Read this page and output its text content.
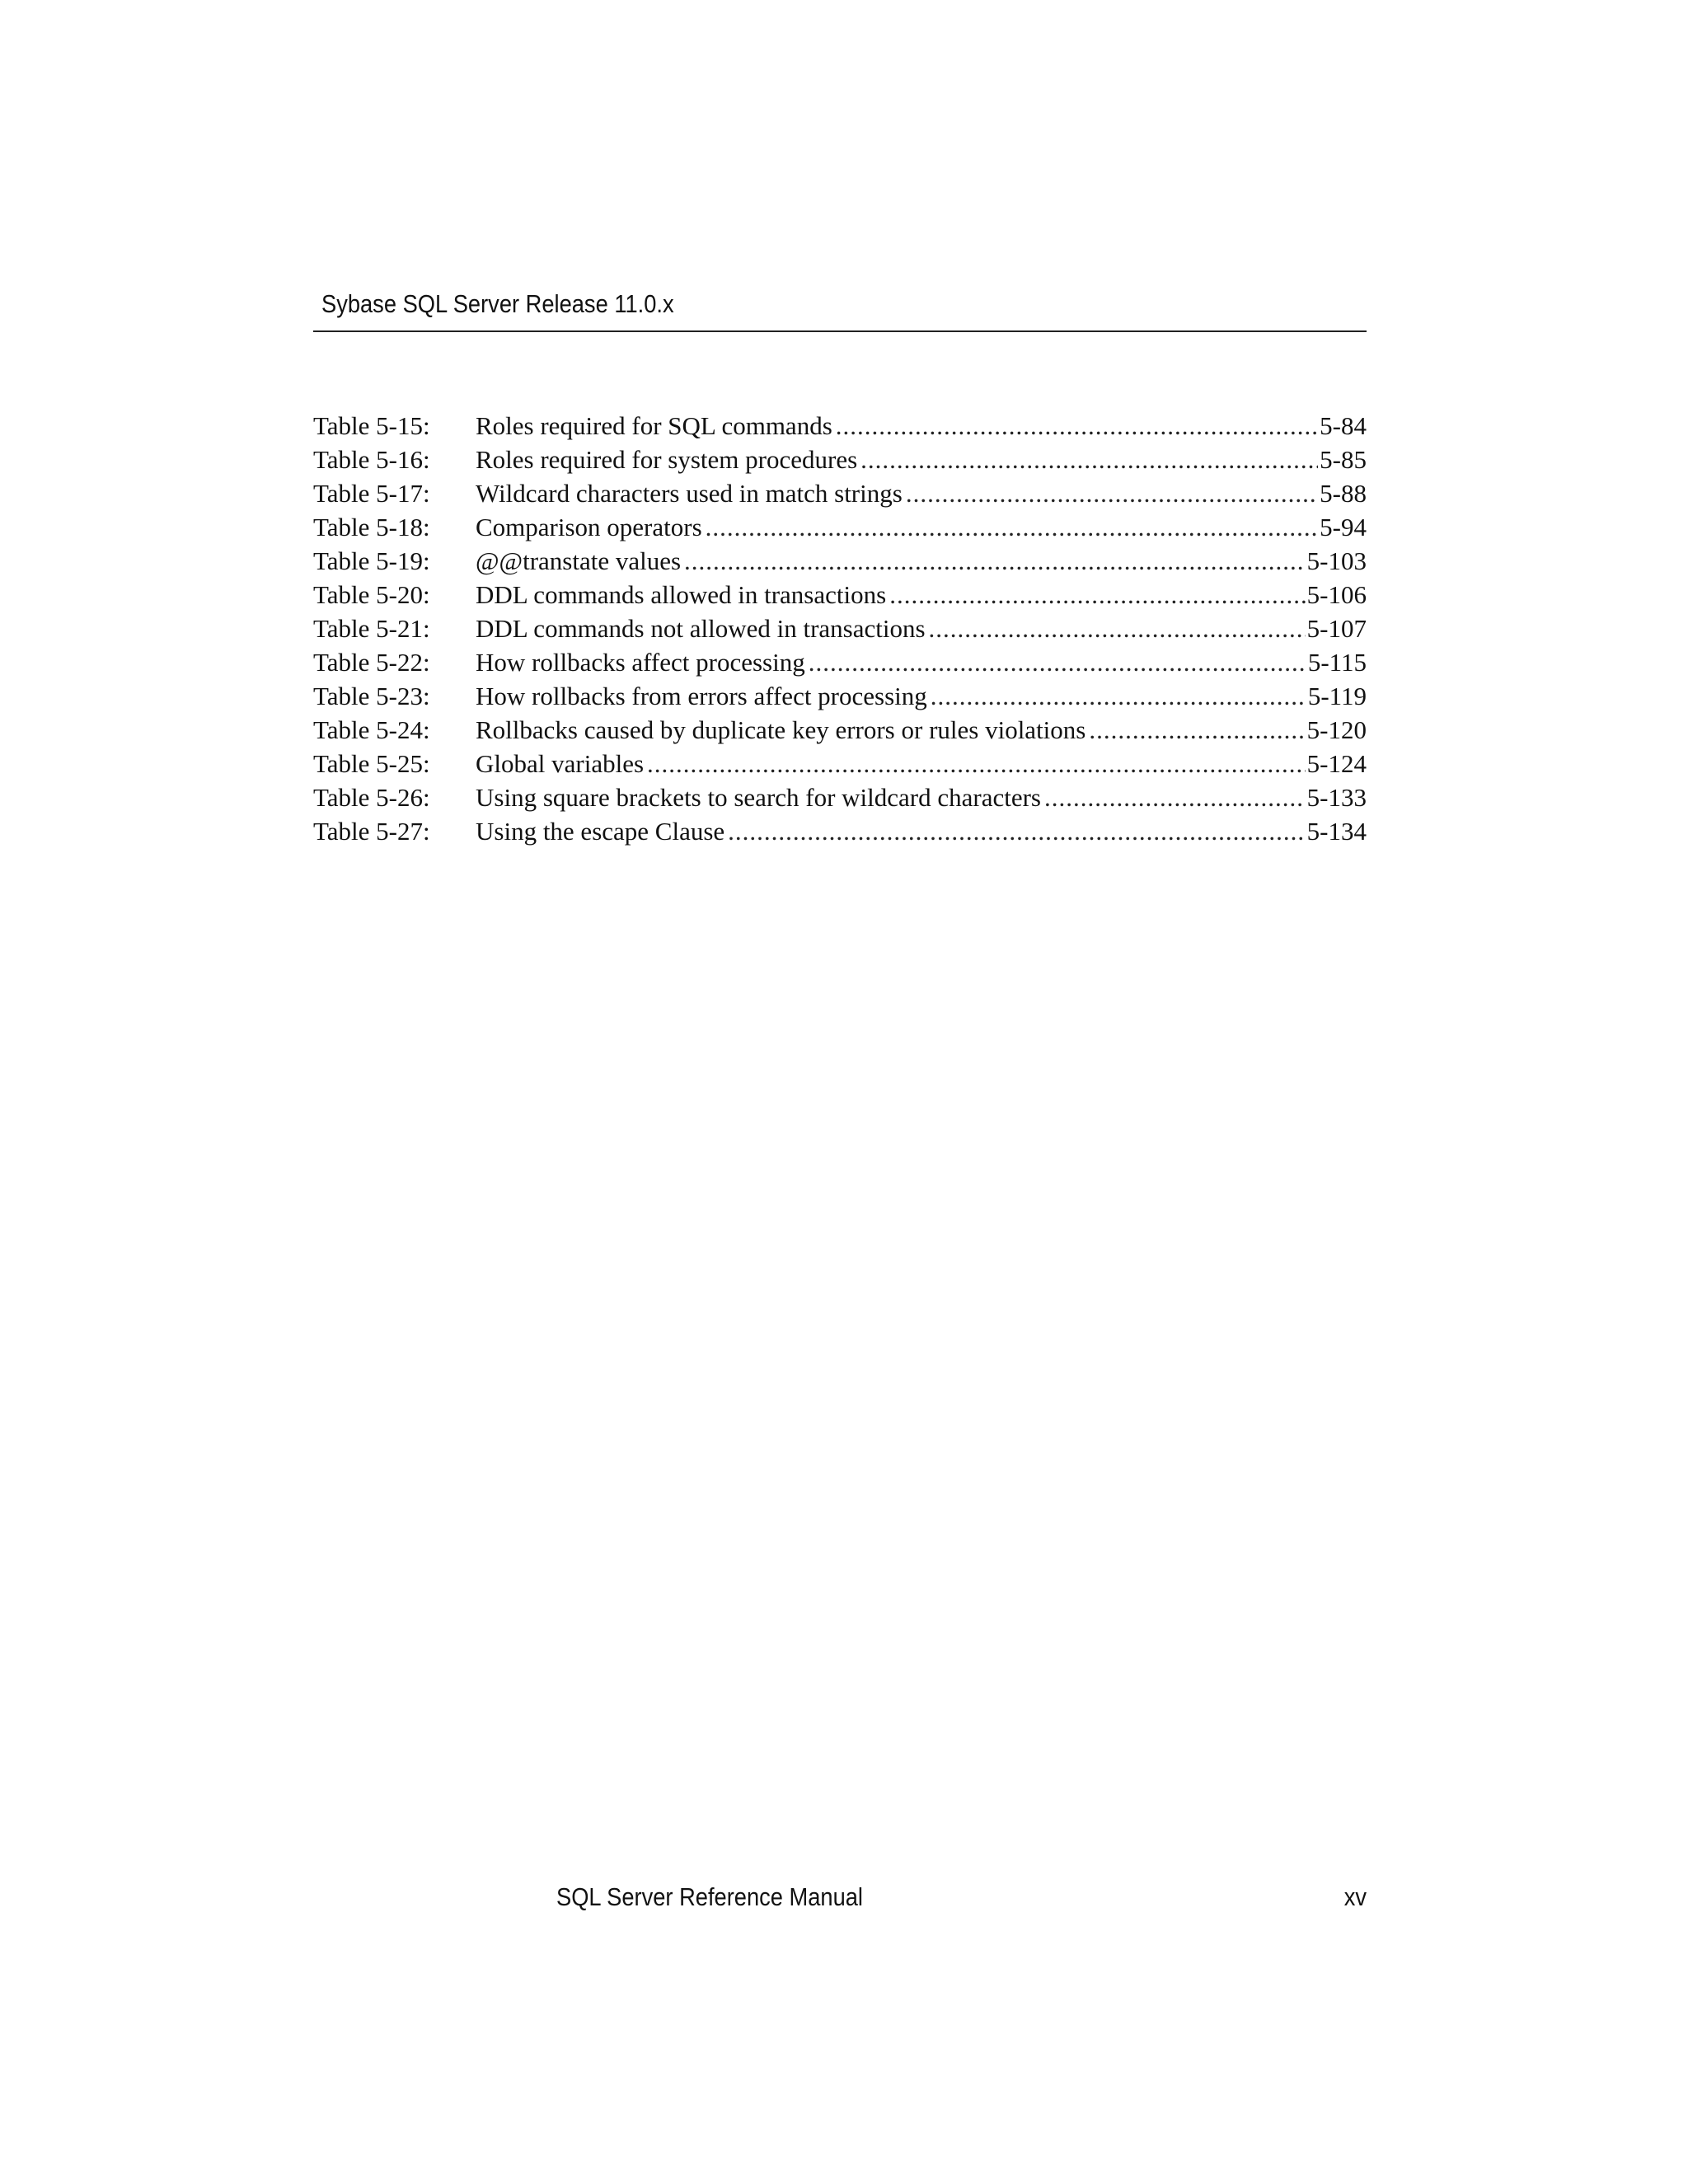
Sybase SQL Server Release 11.0.x
Table 5-15:	Roles required for SQL commands .....	5-84
Table 5-16:	Roles required for system procedures .....	5-85
Table 5-17:	Wildcard characters used in match strings .....	5-88
Table 5-18:	Comparison operators .....	5-94
Table 5-19:	@@transtate values .....	5-103
Table 5-20:	DDL commands allowed in transactions .....	5-106
Table 5-21:	DDL commands not allowed in transactions .....	5-107
Table 5-22:	How rollbacks affect processing .....	5-115
Table 5-23:	How rollbacks from errors affect processing .....	5-119
Table 5-24:	Rollbacks caused by duplicate key errors or rules violations .....	5-120
Table 5-25:	Global variables .....	5-124
Table 5-26:	Using square brackets to search for wildcard characters .....	5-133
Table 5-27:	Using the escape Clause .....	5-134
SQL Server Reference Manual	xv
